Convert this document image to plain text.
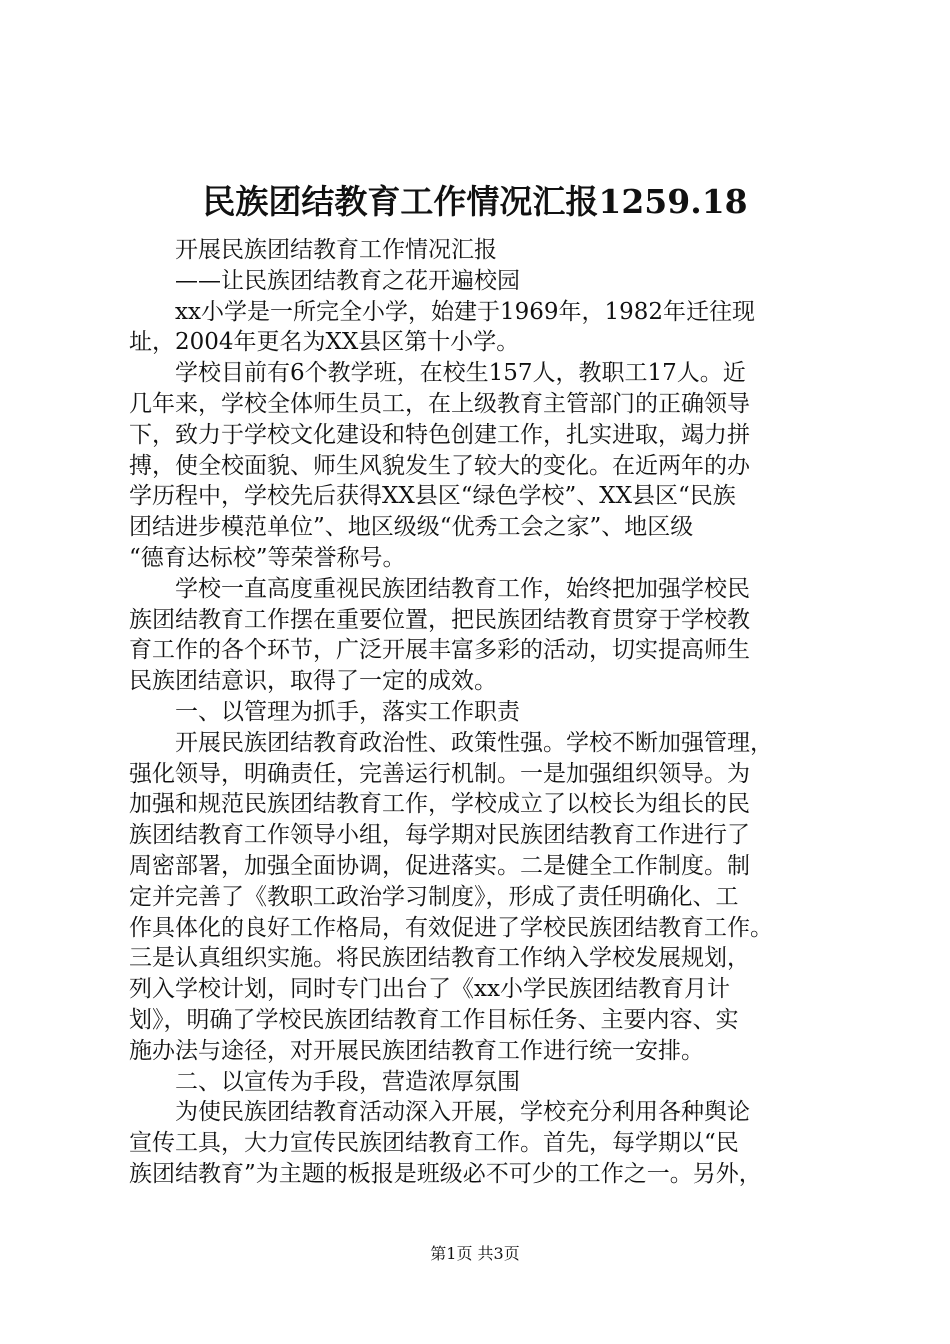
民族团结教育工作情况汇报1259.18
　　开展民族团结教育工作情况汇报
　　——让民族团结教育之花开遍校园
　　xx小学是一所完全小学，始建于1969年，1982年迁往现
址，2004年更名为XX县区第十小学。
　　学校目前有6个教学班，在校生157人，教职工17人。近
几年来，学校全体师生员工，在上级教育主管部门的正确领导
下，致力于学校文化建设和特色创建工作，扎实进取，竭力拼
搏，使全校面貌、师生风貌发生了较大的变化。在近两年的办
学历程中，学校先后获得XX县区“绿色学校”、XX县区“民族
团结进步模范单位”、地区级级“优秀工会之家”、地区级
“德育达标校”等荣誉称号。
　　学校一直高度重视民族团结教育工作，始终把加强学校民
族团结教育工作摆在重要位置，把民族团结教育贯穿于学校教
育工作的各个环节，广泛开展丰富多彩的活动，切实提高师生
民族团结意识，取得了一定的成效。
　　一、以管理为抓手，落实工作职责
　　开展民族团结教育政治性、政策性强。学校不断加强管理，
强化领导，明确责任，完善运行机制。一是加强组织领导。为
加强和规范民族团结教育工作，学校成立了以校长为组长的民
族团结教育工作领导小组，每学期对民族团结教育工作进行了
周密部署，加强全面协调，促进落实。二是健全工作制度。制
定并完善了《教职工政治学习制度》，形成了责任明确化、工
作具体化的良好工作格局，有效促进了学校民族团结教育工作。
三是认真组织实施。将民族团结教育工作纳入学校发展规划，
列入学校计划，同时专门出台了《xx小学民族团结教育月计
划》，明确了学校民族团结教育工作目标任务、主要内容、实
施办法与途径，对开展民族团结教育工作进行统一安排。
　　二、以宣传为手段，营造浓厚氛围
　　为使民族团结教育活动深入开展，学校充分利用各种舆论
宣传工具，大力宣传民族团结教育工作。首先，每学期以“民
族团结教育”为主题的板报是班级必不可少的工作之一。另外，
第1页 共3页
